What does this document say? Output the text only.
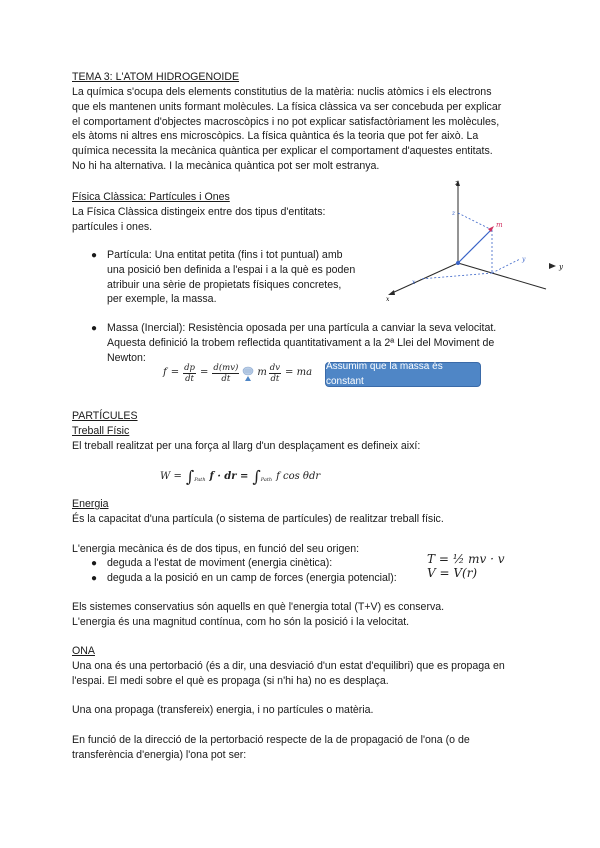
TEMA 3: L'ATOM HIDROGENOIDE

La química s'ocupa dels elements constitutius de la matèria: nuclis atòmics i els electrons

que els mantenen units formant molècules. La física clàssica va ser concebuda per explicar

el comportament d'objectes macroscòpics i no pot explicar satisfactòriament les molècules,

els àtoms ni altres ens microscòpics. La física quàntica és la teoria que pot fer això. La

química necessita la mecànica quàntica per explicar el comportament d'aquestes entitats.

No hi ha alternativa. I la mecànica quàntica pot ser molt estranya.

Física Clàssica: Partícules i Ones

La Física Clàssica distingeix entre dos tipus d'entitats:

partícules i ones.

z
x
m
z
y
x
y
● Partícula: Una entitat petita (fins i tot puntual) amb

una posició ben definida a l'espai i a la què es poden

atribuir una sèrie de propietats físiques concretes,

per exemple, la massa.

● Massa (Inercial): Resistència oposada per una partícula a canviar la seva velocitat.

Aquesta definició la trobem reflectida quantitativament a la 2ª Llei del Moviment de

Newton:

$f = \frac{dp}{dt} = \frac{d(mv)}{dt}$ m $\frac{dv}{dt}$ = ma
Assumim que la massa és constant
PARTÍCULES
Treball Físic
El treball realitzat per una força al llarg d'un desplaçament es defineix així:
W = ∫ Path f · dr = ∫ Path f cos θdr
Energia
És la capacitat d'una partícula (o sistema de partícules) de realitzar treball físic.
L'energia mecànica és de dos tipus, en funció del seu origen:
● deguda a l'estat de moviment (energia cinètica):
● deguda a la posició en un camp de forces (energia potencial):

T = ½ mv · v

V = V(r)

Els sistemes conservatius són aquells en què l'energia total (T+V) es conserva.
L'energia és una magnitud contínua, com ho són la posició i la velocitat.
ONA

Una ona és una pertorbació (és a dir, una desviació d'un estat d'equilibri) que es propaga en

l'espai. El medi sobre el què es propaga (si n'hi ha) no es desplaça.

Una ona propaga (transfereix) energia, i no partícules o matèria.

En funció de la direcció de la pertorbació respecte de la de propagació de l'ona (o de

transferència d'energia) l'ona pot ser:
